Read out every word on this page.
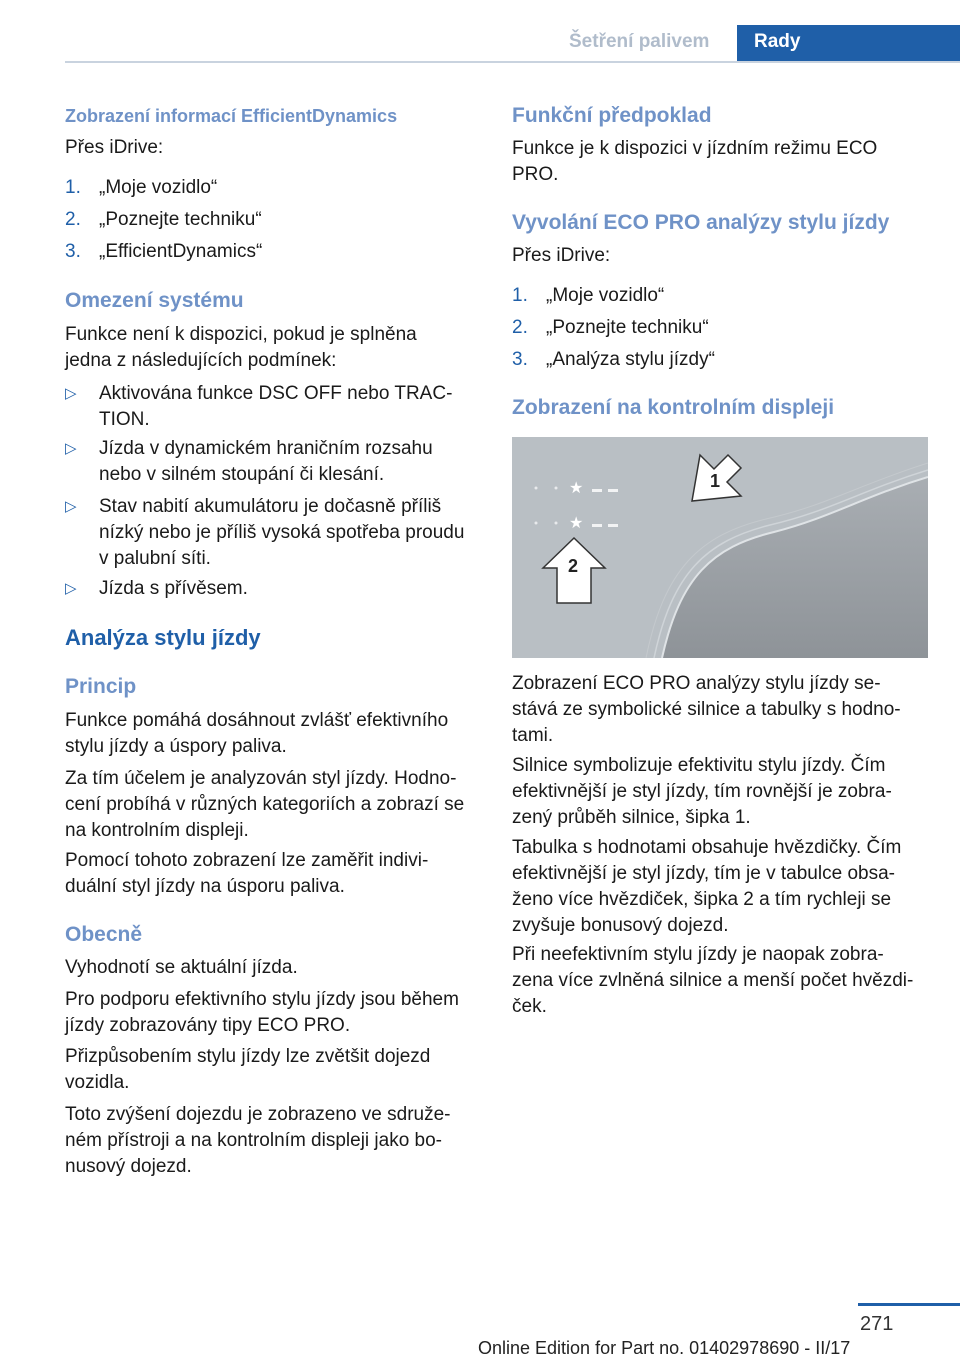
Šetření palivem Rady
Zobrazení informací EfficientDynamics
Přes iDrive:
1. „Moje vozidlo“
2. „Poznejte techniku“
3. „EfficientDynamics“
Omezení systému
Funkce není k dispozici, pokud je splněna
jedna z následujících podmínek:
▷ Aktivována funkce DSC OFF nebo TRAC-
TION.
▷ Jízda v dynamickém hraničním rozsahu
nebo v silném stoupání či klesání.
▷ Stav nabití akumulátoru je dočasně příliš
nízký nebo je příliš vysoká spotřeba proudu
v palubní síti.
▷ Jízda s přívěsem.
Analýza stylu jízdy
Princip
Funkce pomáhá dosáhnout zvlášť efektivního
stylu jízdy a úspory paliva.
Za tím účelem je analyzován styl jízdy. Hodno-
cení probíhá v různých kategoriích a zobrazí se
na kontrolním displeji.
Pomocí tohoto zobrazení lze zaměřit indivi-
duální styl jízdy na úsporu paliva.
Obecně
Vyhodnotí se aktuální jízda.
Pro podporu efektivního stylu jízdy jsou během
jízdy zobrazovány tipy ECO PRO.
Přizpůsobením stylu jízdy lze zvětšit dojezd
vozidla.
Toto zvýšení dojezdu je zobrazeno ve sdruže-
ném přístroji a na kontrolním displeji jako bo-
nusový dojezd.
Funkční předpoklad
Funkce je k dispozici v jízdním režimu ECO
PRO.
Vyvolání ECO PRO analýzy stylu jízdy
Přes iDrive:
1. „Moje vozidlo“
2. „Poznejte techniku“
3. „Analýza stylu jízdy“
Zobrazení na kontrolním displeji
Zobrazení ECO PRO analýzy stylu jízdy se-
stává ze symbolické silnice a tabulky s hodno-
tami.
Silnice symbolizuje efektivitu stylu jízdy. Čím
efektivnější je styl jízdy, tím rovnější je zobra-
zený průběh silnice, šipka 1.
Tabulka s hodnotami obsahuje hvězdičky. Čím
efektivnější je styl jízdy, tím je v tabulce obsa-
ženo více hvězdiček, šipka 2 a tím rychleji se
zvyšuje bonusový dojezd.
Při neefektivním stylu jízdy je naopak zobra-
zena více zvlněná silnice a menší počet hvězdi-
ček.
★
★
1
2
271
Online Edition for Part no. 01402978690 - II/17
